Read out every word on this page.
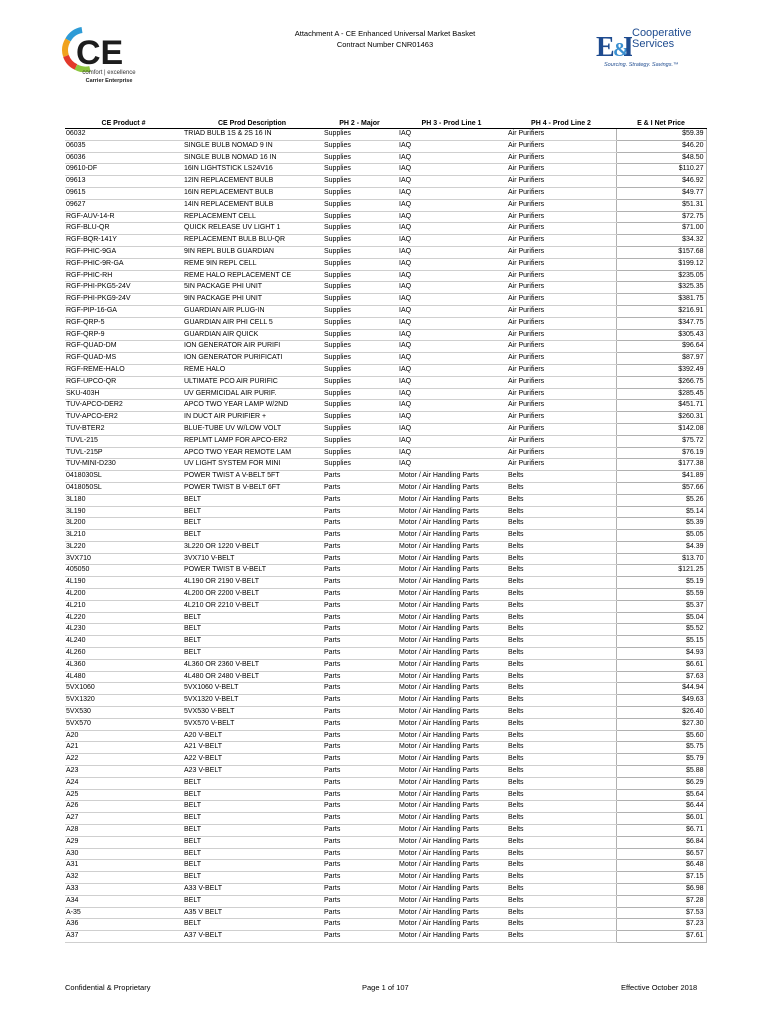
CE
comfort | excellence
Carrier Enterprise
Attachment A - CE Enhanced Universal Market Basket
Contract Number CNR01463	E
&
I
Cooperative Services
Sourcing. Strategy. Savings.™
CE Product #	CE Prod Description	PH 2 - Major	PH 3 - Prod Line 1	PH 4 - Prod Line 2	E & I Net Price
06032	TRIAD BULB 1S & 2S 16 IN	Supplies	IAQ	Air Purifiers	$59.39
06035	SINGLE BULB NOMAD 9 IN	Supplies	IAQ	Air Purifiers	$46.20
06036	SINGLE BULB NOMAD 16 IN	Supplies	IAQ	Air Purifiers	$48.50
09610-DF	16IN LIGHTSTICK LS24V16	Supplies	IAQ	Air Purifiers	$110.27
09613	12IN REPLACEMENT BULB	Supplies	IAQ	Air Purifiers	$46.92
09615	16IN REPLACEMENT BULB	Supplies	IAQ	Air Purifiers	$49.77
09627	14IN REPLACEMENT BULB	Supplies	IAQ	Air Purifiers	$51.31
RGF-AUV-14-R	REPLACEMENT CELL	Supplies	IAQ	Air Purifiers	$72.75
RGF-BLU-QR	QUICK RELEASE UV LIGHT 1	Supplies	IAQ	Air Purifiers	$71.00
RGF-BQR-141Y	REPLACEMENT BULB BLU-QR	Supplies	IAQ	Air Purifiers	$34.32
RGF-PHIC-9GA	9IN REPL BULB GUARDIAN	Supplies	IAQ	Air Purifiers	$157.68
RGF-PHIC-9R-GA	REME 9IN REPL CELL	Supplies	IAQ	Air Purifiers	$199.12
RGF-PHIC-RH	REME HALO REPLACEMENT CE	Supplies	IAQ	Air Purifiers	$235.05
RGF-PHI-PKG5-24V	5IN PACKAGE PHI UNIT	Supplies	IAQ	Air Purifiers	$325.35
RGF-PHI-PKG9-24V	9IN PACKAGE PHI UNIT	Supplies	IAQ	Air Purifiers	$381.75
RGF-PIP-16-GA	GUARDIAN AIR PLUG-IN	Supplies	IAQ	Air Purifiers	$216.91
RGF-QRP-5	GUARDIAN AIR PHI CELL 5	Supplies	IAQ	Air Purifiers	$347.75
RGF-QRP-9	GUARDIAN AIR QUICK	Supplies	IAQ	Air Purifiers	$305.43
RGF-QUAD-DM	ION GENERATOR AIR PURIFI	Supplies	IAQ	Air Purifiers	$96.64
RGF-QUAD-MS	ION GENERATOR PURIFICATI	Supplies	IAQ	Air Purifiers	$87.97
RGF-REME-HALO	REME HALO	Supplies	IAQ	Air Purifiers	$392.49
RGF-UPCO-QR	ULTIMATE PCO AIR PURIFIC	Supplies	IAQ	Air Purifiers	$266.75
SKU-403H	UV GERMICIDAL AIR PURIF.	Supplies	IAQ	Air Purifiers	$285.45
TUV-APCO-DER2	APCO TWO YEAR LAMP W/2ND	Supplies	IAQ	Air Purifiers	$451.71
TUV-APCO-ER2	IN DUCT AIR PURIFIER +	Supplies	IAQ	Air Purifiers	$260.31
TUV-BTER2	BLUE-TUBE UV W/LOW VOLT	Supplies	IAQ	Air Purifiers	$142.08
TUVL-215	REPLMT LAMP FOR APCO-ER2	Supplies	IAQ	Air Purifiers	$75.72
TUVL-215P	APCO TWO YEAR REMOTE LAM	Supplies	IAQ	Air Purifiers	$76.19
TUV-MINI-D230	UV LIGHT SYSTEM FOR MINI	Supplies	IAQ	Air Purifiers	$177.38
0418030SL	POWER TWIST A V-BELT 5FT	Parts	Motor / Air Handling Parts	Belts	$41.89
0418050SL	POWER TWIST B V-BELT 6FT	Parts	Motor / Air Handling Parts	Belts	$57.66
3L180	BELT	Parts	Motor / Air Handling Parts	Belts	$5.26
3L190	BELT	Parts	Motor / Air Handling Parts	Belts	$5.14
3L200	BELT	Parts	Motor / Air Handling Parts	Belts	$5.39
3L210	BELT	Parts	Motor / Air Handling Parts	Belts	$5.05
3L220	3L220 OR 1220 V-BELT	Parts	Motor / Air Handling Parts	Belts	$4.39
3VX710	3VX710 V-BELT	Parts	Motor / Air Handling Parts	Belts	$13.70
405050	POWER TWIST B V-BELT	Parts	Motor / Air Handling Parts	Belts	$121.25
4L190	4L190 OR 2190 V-BELT	Parts	Motor / Air Handling Parts	Belts	$5.19
4L200	4L200 OR 2200 V-BELT	Parts	Motor / Air Handling Parts	Belts	$5.59
4L210	4L210 OR 2210 V-BELT	Parts	Motor / Air Handling Parts	Belts	$5.37
4L220	BELT	Parts	Motor / Air Handling Parts	Belts	$5.04
4L230	BELT	Parts	Motor / Air Handling Parts	Belts	$5.52
4L240	BELT	Parts	Motor / Air Handling Parts	Belts	$5.15
4L260	BELT	Parts	Motor / Air Handling Parts	Belts	$4.93
4L360	4L360 OR 2360 V-BELT	Parts	Motor / Air Handling Parts	Belts	$6.61
4L480	4L480 OR 2480 V-BELT	Parts	Motor / Air Handling Parts	Belts	$7.63
5VX1060	5VX1060 V-BELT	Parts	Motor / Air Handling Parts	Belts	$44.94
5VX1320	5VX1320 V-BELT	Parts	Motor / Air Handling Parts	Belts	$49.63
5VX530	5VX530 V-BELT	Parts	Motor / Air Handling Parts	Belts	$26.40
5VX570	5VX570 V-BELT	Parts	Motor / Air Handling Parts	Belts	$27.30
A20	A20 V-BELT	Parts	Motor / Air Handling Parts	Belts	$5.60
A21	A21 V-BELT	Parts	Motor / Air Handling Parts	Belts	$5.75
A22	A22 V-BELT	Parts	Motor / Air Handling Parts	Belts	$5.79
A23	A23 V-BELT	Parts	Motor / Air Handling Parts	Belts	$5.88
A24	BELT	Parts	Motor / Air Handling Parts	Belts	$6.29
A25	BELT	Parts	Motor / Air Handling Parts	Belts	$5.64
A26	BELT	Parts	Motor / Air Handling Parts	Belts	$6.44
A27	BELT	Parts	Motor / Air Handling Parts	Belts	$6.01
A28	BELT	Parts	Motor / Air Handling Parts	Belts	$6.71
A29	BELT	Parts	Motor / Air Handling Parts	Belts	$6.84
A30	BELT	Parts	Motor / Air Handling Parts	Belts	$6.57
A31	BELT	Parts	Motor / Air Handling Parts	Belts	$6.48
A32	BELT	Parts	Motor / Air Handling Parts	Belts	$7.15
A33	A33 V-BELT	Parts	Motor / Air Handling Parts	Belts	$6.98
A34	BELT	Parts	Motor / Air Handling Parts	Belts	$7.28
A-35	A35 V BELT	Parts	Motor / Air Handling Parts	Belts	$7.53
A36	BELT	Parts	Motor / Air Handling Parts	Belts	$7.23
A37	A37 V-BELT	Parts	Motor / Air Handling Parts	Belts	$7.61
Confidential & Proprietary	Page 1 of 107	Effective October 2018
